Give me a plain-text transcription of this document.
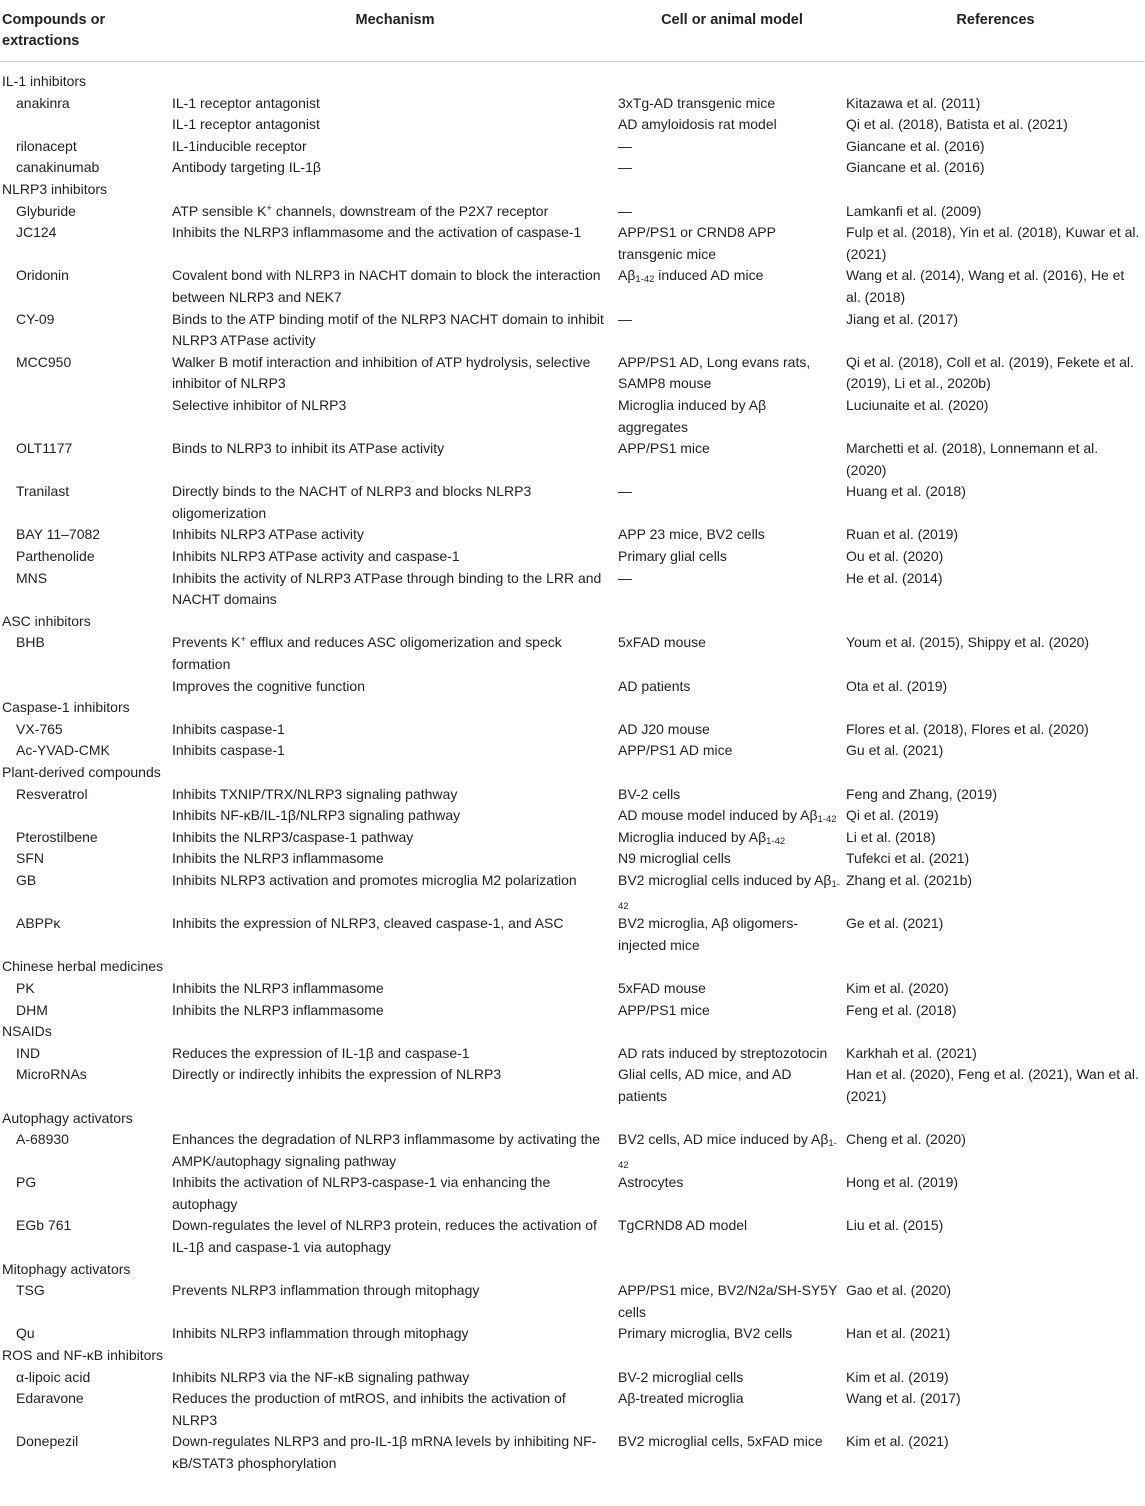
Compounds or extractions	Mechanism	Cell or animal model	References
IL-1 inhibitors			
anakinra	IL-1 receptor antagonist	3xTg-AD transgenic mice	Kitazawa et al. (2011)
	IL-1 receptor antagonist	AD amyloidosis rat model	Qi et al. (2018), Batista et al. (2021)
rilonacept	IL-1inducible receptor	—	Giancane et al. (2016)
canakinumab	Antibody targeting IL-1β	—	Giancane et al. (2016)
NLRP3 inhibitors			
Glyburide	ATP sensible K+ channels, downstream of the P2X7 receptor	—	Lamkanfi et al. (2009)
JC124	Inhibits the NLRP3 inflammasome and the activation of caspase-1	APP/PS1 or CRND8 APP transgenic mice	Fulp et al. (2018), Yin et al. (2018), Kuwar et al. (2021)
Oridonin	Covalent bond with NLRP3 in NACHT domain to block the interaction between NLRP3 and NEK7	$A\beta_{1-42}$ induced AD mice	Wang et al. (2014), Wang et al. (2016), He et al. (2018)
CY-09	Binds to the ATP binding motif of the NLRP3 NACHT domain to inhibit NLRP3 ATPase activity	—	Jiang et al. (2017)
MCC950	Walker B motif interaction and inhibition of ATP hydrolysis, selective inhibitor of NLRP3	APP/PS1 AD, Long evans rats, SAMP8 mouse	Qi et al. (2018), Coll et al. (2019), Fekete et al. (2019), Li et al., 2020b)
	Selective inhibitor of NLRP3	Microglia induced by Aβ aggregates	Luciunaite et al. (2020)
OLT1177	Binds to NLRP3 to inhibit its ATPase activity	APP/PS1 mice	Marchetti et al. (2018), Lonnemann et al. (2020)
Tranilast	Directly binds to the NACHT of NLRP3 and blocks NLRP3 oligomerization	—	Huang et al. (2018)
BAY 11–7082	Inhibits NLRP3 ATPase activity	APP 23 mice, BV2 cells	Ruan et al. (2019)
Parthenolide	Inhibits NLRP3 ATPase activity and caspase-1	Primary glial cells	Ou et al. (2020)
MNS	Inhibits the activity of NLRP3 ATPase through binding to the LRR and NACHT domains	—	He et al. (2014)
ASC inhibitors			
BHB	Prevents K+ efflux and reduces ASC oligomerization and speck formation	5xFAD mouse	Youm et al. (2015), Shippy et al. (2020)
	Improves the cognitive function	AD patients	Ota et al. (2019)
Caspase-1 inhibitors			
VX-765	Inhibits caspase-1	AD J20 mouse	Flores et al. (2018), Flores et al. (2020)
Ac-YVAD-CMK	Inhibits caspase-1	APP/PS1 AD mice	Gu et al. (2021)
Plant-derived compounds			
Resveratrol	Inhibits TXNIP/TRX/NLRP3 signaling pathway	BV-2 cells	Feng and Zhang, (2019)
	Inhibits NF-κB/IL-1β/NLRP3 signaling pathway	AD mouse model induced by $A\beta_{1-42}$	Qi et al. (2019)
Pterostilbene	Inhibits the NLRP3/caspase-1 pathway	Microglia induced by $A\beta_{1-42}$	Li et al. (2018)
SFN	Inhibits the NLRP3 inflammasome	N9 microglial cells	Tufekci et al. (2021)
GB	Inhibits NLRP3 activation and promotes microglia M2 polarization	BV2 microglial cells induced by $A\beta_{1-42}$	Zhang et al. (2021b)
ABPPκ	Inhibits the expression of NLRP3, cleaved caspase-1, and ASC	BV2 microglia, Aβ oligomers-injected mice	Ge et al. (2021)
Chinese herbal medicines			
PK	Inhibits the NLRP3 inflammasome	5xFAD mouse	Kim et al. (2020)
DHM	Inhibits the NLRP3 inflammasome	APP/PS1 mice	Feng et al. (2018)
NSAIDs			
IND	Reduces the expression of IL-1β and caspase-1	AD rats induced by streptozotocin	Karkhah et al. (2021)
MicroRNAs	Directly or indirectly inhibits the expression of NLRP3	Glial cells, AD mice, and AD patients	Han et al. (2020), Feng et al. (2021), Wan et al. (2021)
Autophagy activators			
A-68930	Enhances the degradation of NLRP3 inflammasome by activating the AMPK/autophagy signaling pathway	BV2 cells, AD mice induced by $A\beta_{1-42}$	Cheng et al. (2020)
PG	Inhibits the activation of NLRP3-caspase-1 via enhancing the autophagy	Astrocytes	Hong et al. (2019)
EGb 761	Down-regulates the level of NLRP3 protein, reduces the activation of IL-1β and caspase-1 via autophagy	TgCRND8 AD model	Liu et al. (2015)
Mitophagy activators			
TSG	Prevents NLRP3 inflammation through mitophagy	APP/PS1 mice, BV2/N2a/SH-SY5Y cells	Gao et al. (2020)
Qu	Inhibits NLRP3 inflammation through mitophagy	Primary microglia, BV2 cells	Han et al. (2021)
ROS and NF-κB inhibitors			
α-lipoic acid	Inhibits NLRP3 via the NF-κB signaling pathway	BV-2 microglial cells	Kim et al. (2019)
Edaravone	Reduces the production of mtROS, and inhibits the activation of NLRP3	Aβ-treated microglia	Wang et al. (2017)
Donepezil	Down-regulates NLRP3 and pro-IL-1β mRNA levels by inhibiting NF-κB/STAT3 phosphorylation	BV2 microglial cells, 5xFAD mice	Kim et al. (2021)
